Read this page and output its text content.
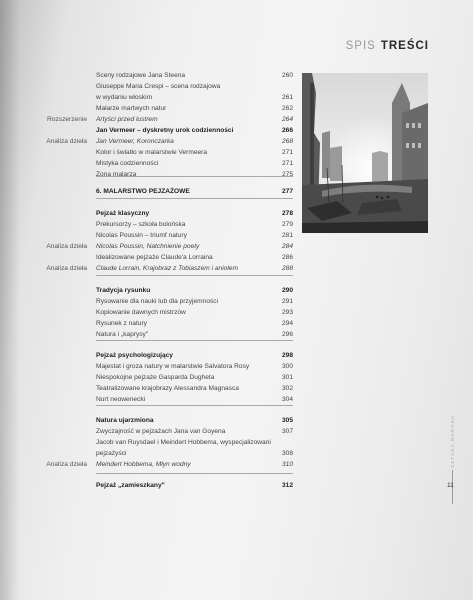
SPIS TREŚCI
Sceny rodzajowe Jana Steena	260
Giuseppe Maria Crespi – scena rodzajowa
w wydaniu włoskim	261
Malarze martwych natur	262
Rozszerzenie Artyści przed lustrem	264
Jan Vermeer – dyskretny urok codzienności	266
Analiza dzieła Jan Vermeer, Koronczarka	268
Kolor i światło w malarstwie Vermeera	271
Mistyka codzienności	271
Zona malarza	275
6. MALARSTWO PEJZAŻOWE	277
Pejzaż klasyczny	278
Prekursorzy – szkoła bolońska	279
Nicolas Poussin – triumf natury	281
Analiza dzieła Nicolas Poussin, Natchnienie poety	284
Idealizowane pejzaże Claude'a Lorraina	286
Analiza dzieła Claude Lorrain, Krajobraz z Tobiaszem i aniołem	288
Tradycja rysunku	290
Rysowanie dla nauki lub dla przyjemności	291
Kopiowanie dawnych mistrzów	293
Rysunek z natury	294
Natura i „kaprysy"	296
Pejzaż psychologizujący	298
Majestat i groza natury w malarstwie Salvatora Rosy	300
Niespokojne pejzaże Gasparda Dugheta	301
Teatralizowane krajobrazy Alessandra Magnasca	302
Nurt neowenecki	304
Natura ujarzmiona	305
Zwyczajność w pejzażach Jana van Goyena	307
Jacob van Ruysdael i Meindert Hobbema, wyspecjalizowani
pejzażyści	308
Analiza dzieła Meindert Hobbema, Młyn wodny	310
Pejzaż „zamieszkany"	312
SZTUKA BAROKU
11
